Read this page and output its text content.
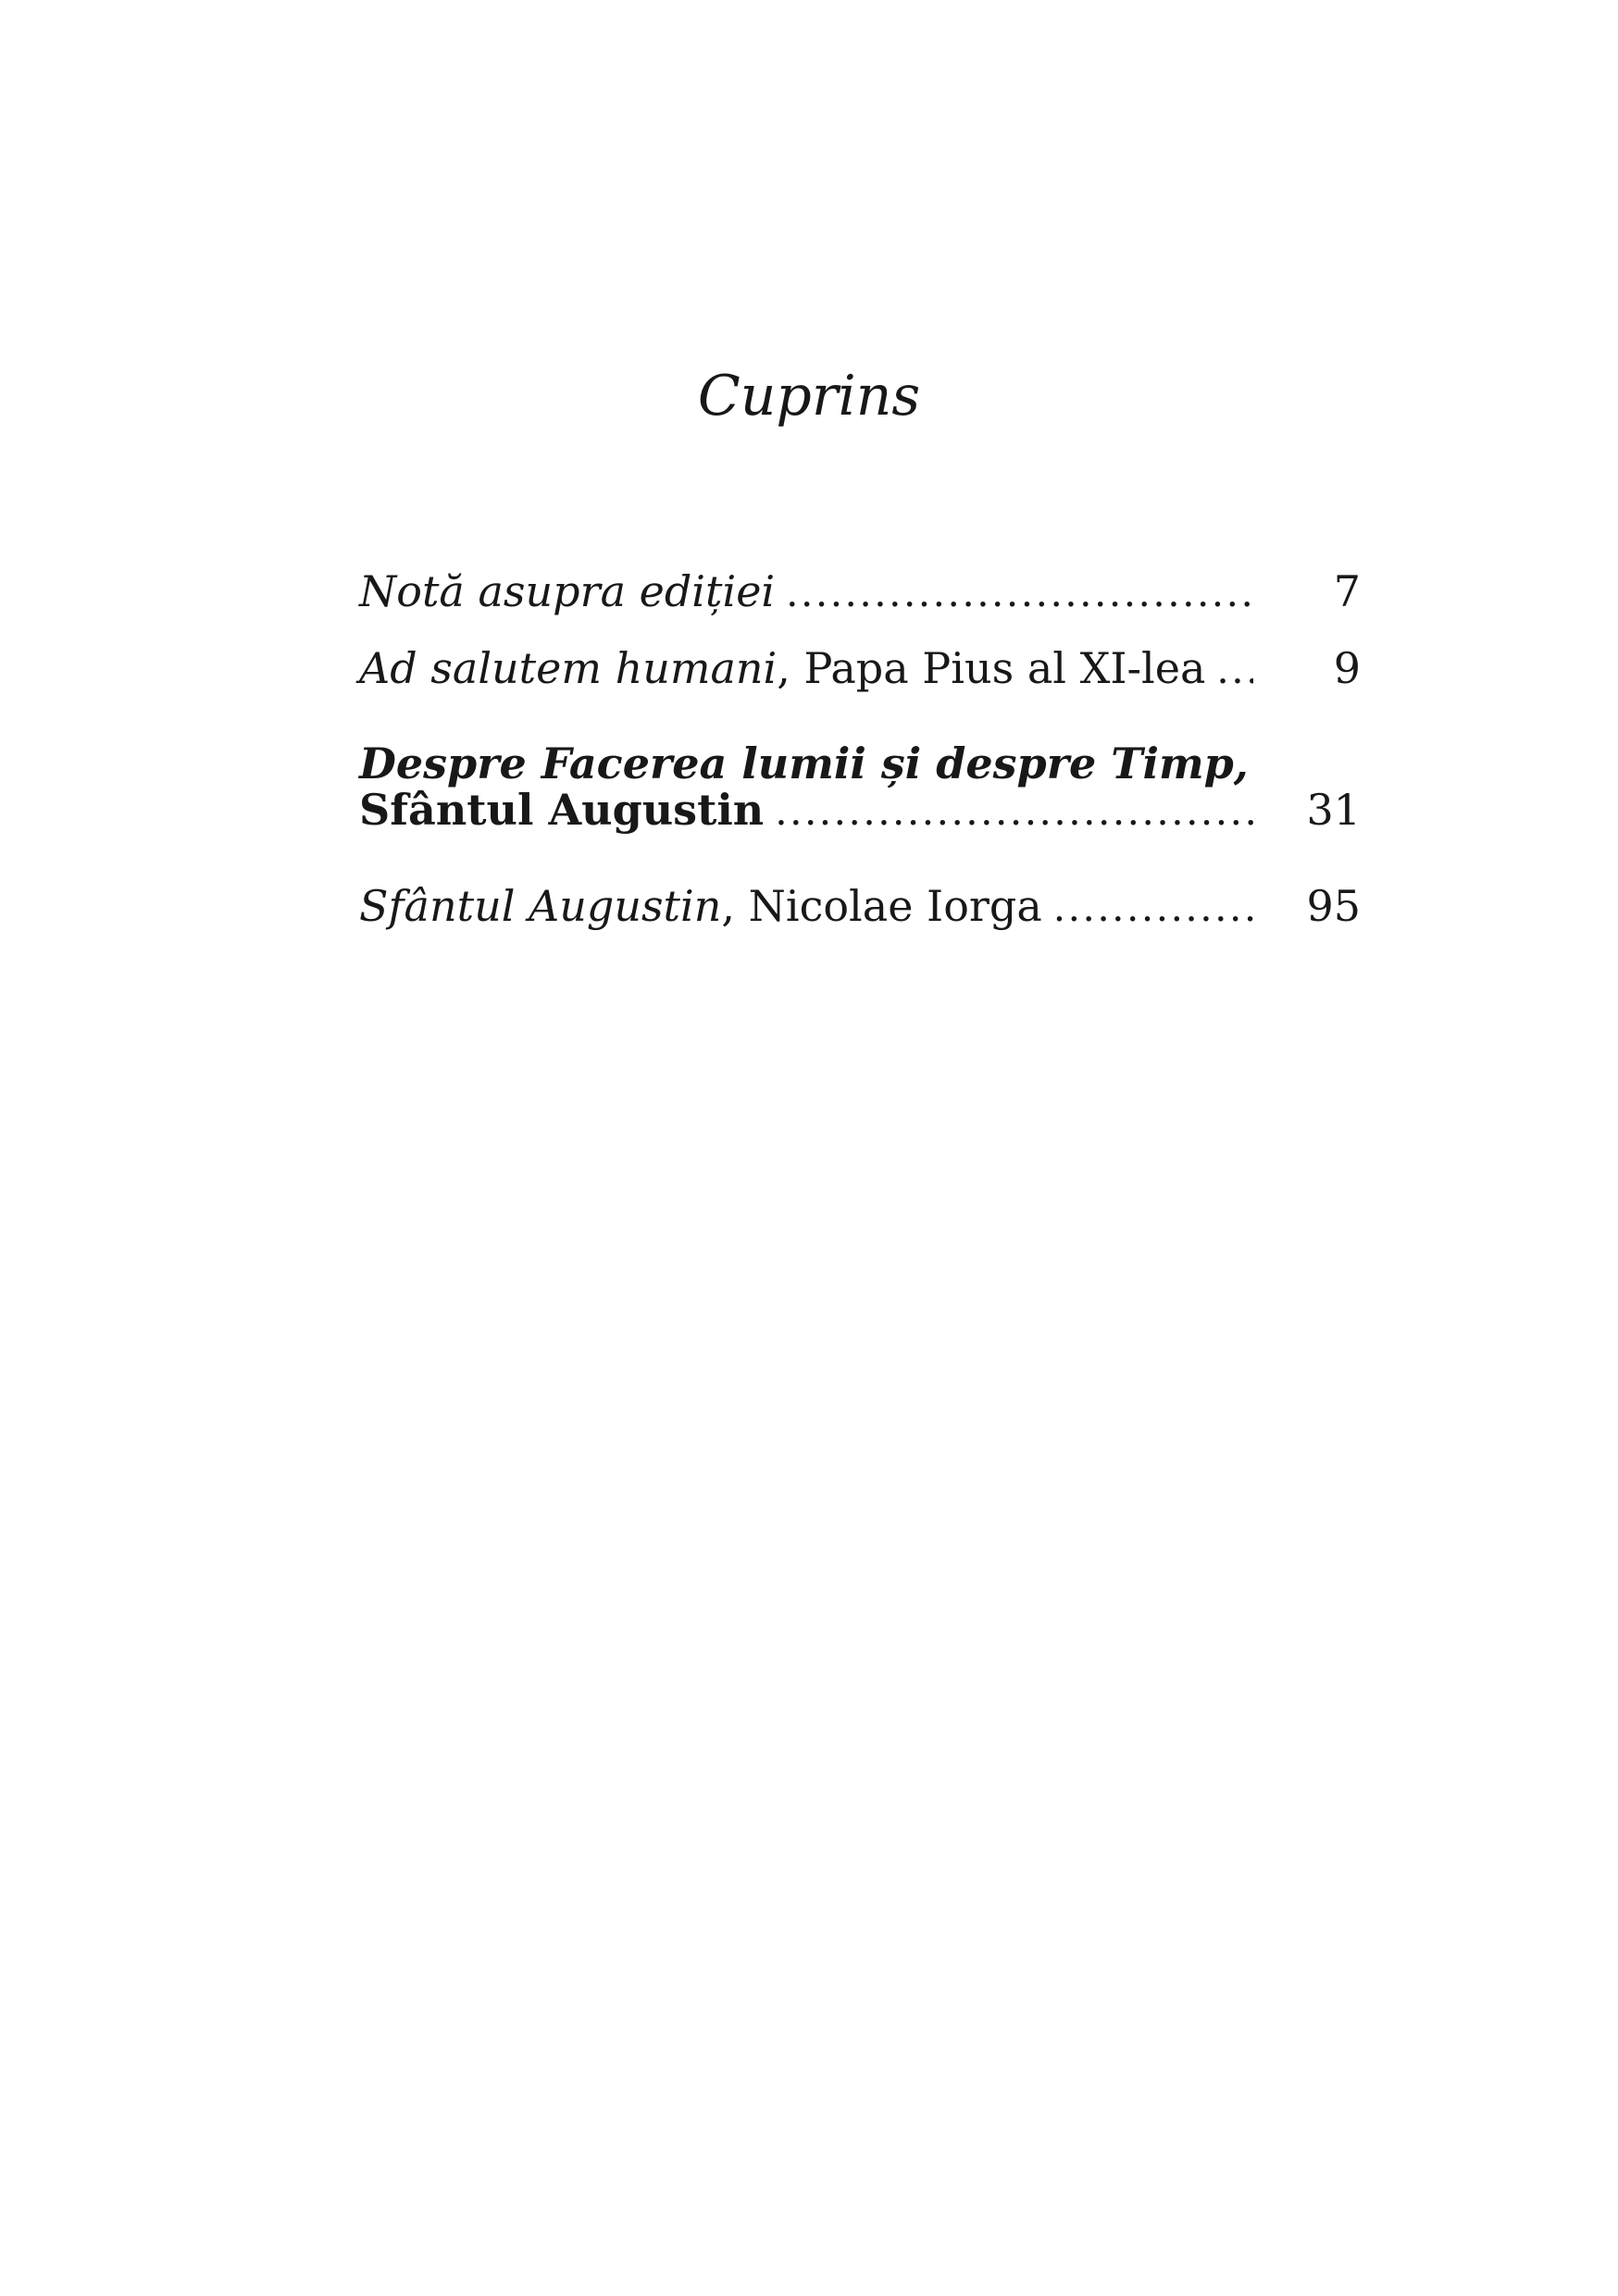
Cuprins
Notă asupra ediției .....	7
Ad salutem humani , Papa Pius al XI-lea .....	9
Despre Facerea lumii și despre Timp,
Sfântul Augustin .....	31
Sfântul Augustin , Nicolae Iorga .....	95
